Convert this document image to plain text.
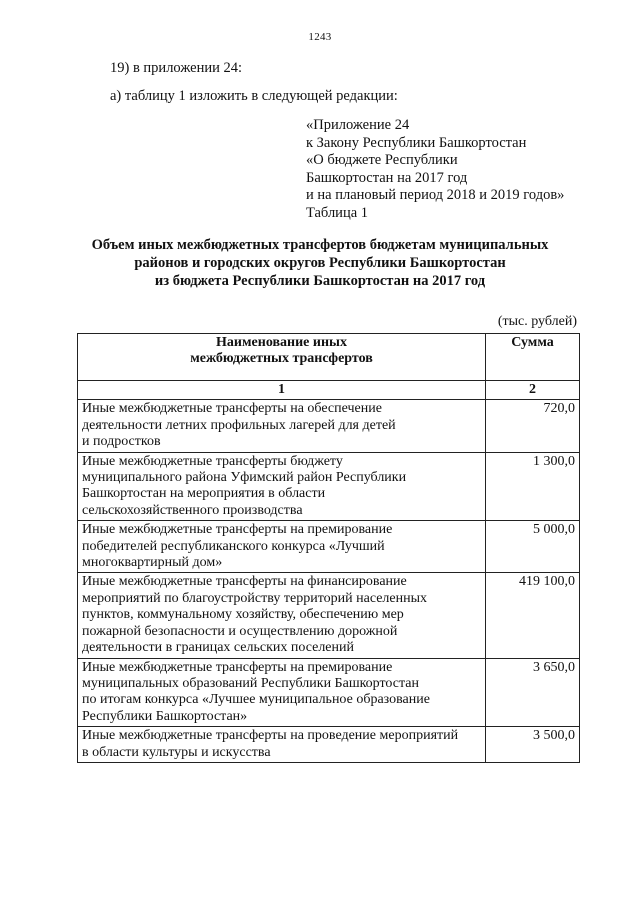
1243
19) в приложении 24:
а) таблицу 1 изложить в следующей редакции:
«Приложение 24
к Закону Республики Башкортостан
«О бюджете Республики
Башкортостан на 2017 год
и на плановый период 2018 и 2019 годов»
Таблица 1
Объем иных межбюджетных трансфертов бюджетам муниципальных
районов и городских округов Республики Башкортостан
из бюджета Республики Башкортостан на 2017 год
(тыс. рублей)
Наименование иных
межбюджетных трансфертов	Сумма
1	2

Иные межбюджетные трансферты на обеспечение
деятельности летних профильных лагерей для детей
и подростков	720,0

Иные межбюджетные трансферты бюджету
муниципального района Уфимский район Республики
Башкортостан на мероприятия в области
сельскохозяйственного производства	1 300,0

Иные межбюджетные трансферты на премирование
победителей республиканского конкурса «Лучший
многоквартирный дом»	5 000,0

Иные межбюджетные трансферты на финансирование
мероприятий по благоустройству территорий населенных
пунктов, коммунальному хозяйству, обеспечению мер
пожарной безопасности и осуществлению дорожной
деятельности в границах сельских поселений	419 100,0

Иные межбюджетные трансферты на премирование
муниципальных образований Республики Башкортостан
по итогам конкурса «Лучшее муниципальное образование
Республики Башкортостан»	3 650,0

Иные межбюджетные трансферты на проведение мероприятий
в области культуры и искусства	3 500,0
